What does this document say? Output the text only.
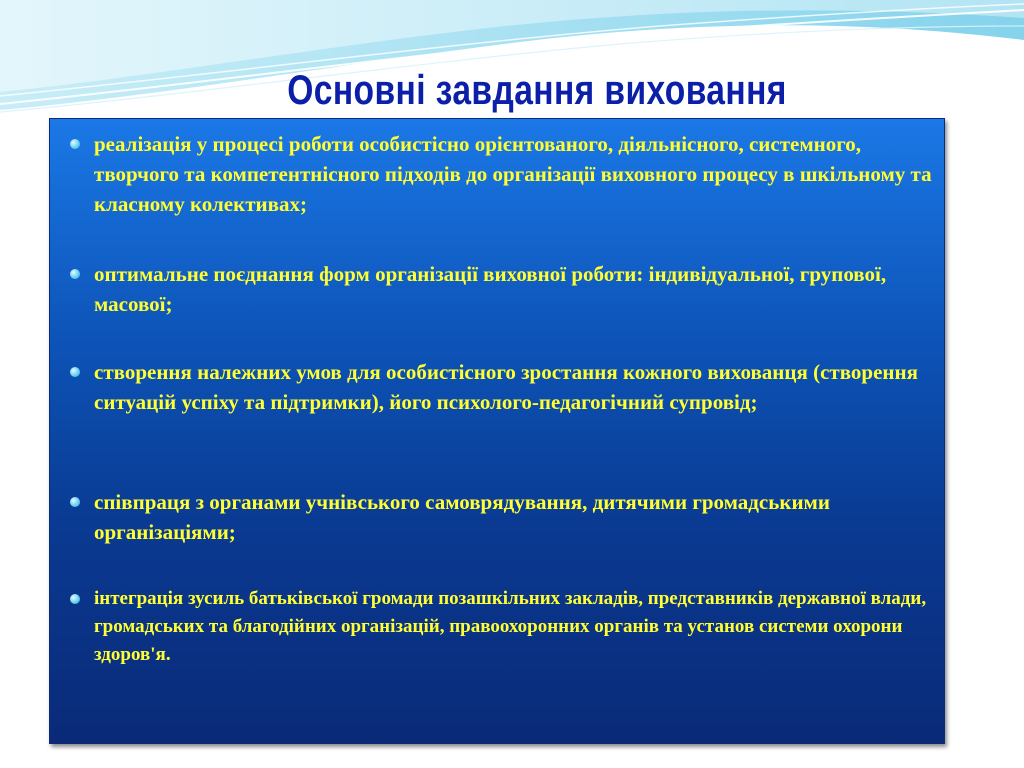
Основні завдання виховання
реалізація у процесі роботи особистісно орієнтованого, діяльнісного, системного, творчого та компетентнісного підходів до організації виховного процесу в шкільному та класному колективах;
оптимальне поєднання форм організації виховної роботи: індивідуальної, групової, масової;
створення належних умов для особистісного зростання кожного вихованця (створення ситуацій успіху та підтримки), його психолого-педагогічний супровід;
співпраця з органами учнівського самоврядування, дитячими громадськими організаціями;
інтеграція зусиль батьківської громади позашкільних закладів, представників державної влади, громадських та благодійних організацій, правоохоронних органів та установ системи охорони здоров'я.
